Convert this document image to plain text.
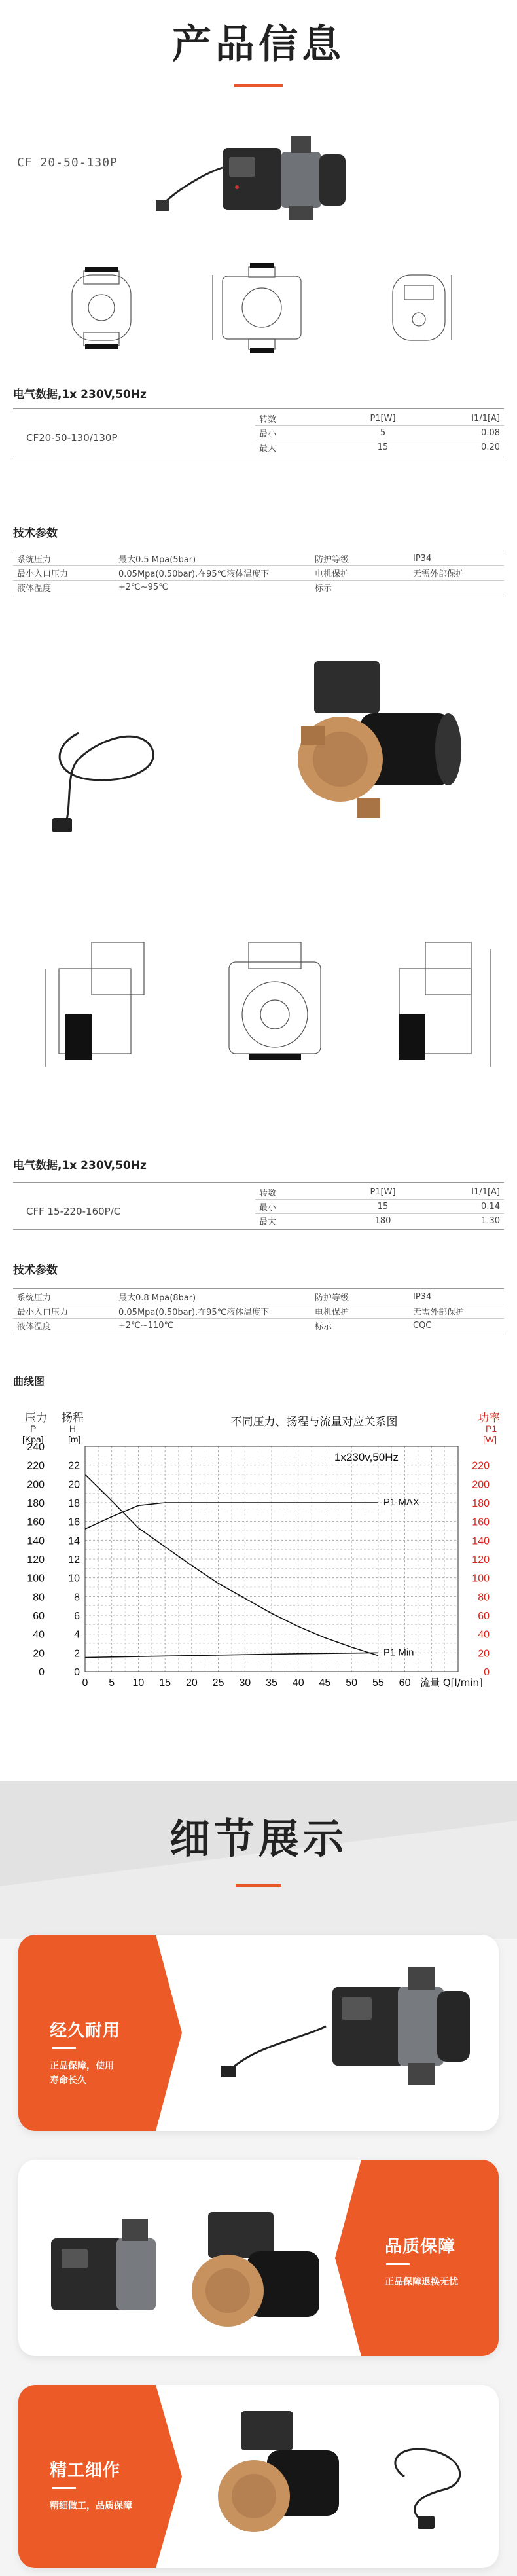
产品信息
CF 20-50-130P
电气数据,1x 230V,50Hz
CF20-50-130/130P
转数	P1[W]	I1/1[A]
最小	5	0.08
最大	15	0.20
技术参数
系统压力	最大0.5 Mpa(5bar)	防护等级	IP34
最小入口压力	0.05Mpa(0.50bar),在95℃液体温度下	电机保护	无需外部保护
液体温度	+2℃~95℃	标示	
电气数据,1x 230V,50Hz
CFF 15-220-160P/C
转数	P1[W]	I1/1[A]
最小	15	0.14
最大	180	1.30
技术参数
系统压力	最大0.8 Mpa(8bar)	防护等级	IP34
最小入口压力	0.05Mpa(0.50bar),在95℃液体温度下	电机保护	无需外部保护
液体温度	+2℃~110℃	标示	CQC
曲线图
0
20
40
60
80
100
120
140
160
180
200
220
240
压力
P
[Kpa]
0
2
4
6
8
10
12
14
16
18
20
22
扬程
H
[m]
0
20
40
60
80
100
120
140
160
180
200
220
功率
P1
[W]
0 5 10 15 20 25 30 35 40 45 50 55 60 流量 Q[l/min]
不同压力、扬程与流量对应关系图
1x230v,50Hz
P1 MAX
P1 Min
细节展示
经久耐用
正品保障，使用
寿命长久
品质保障
正品保障退换无忧
精工细作
精细做工，品质保障
